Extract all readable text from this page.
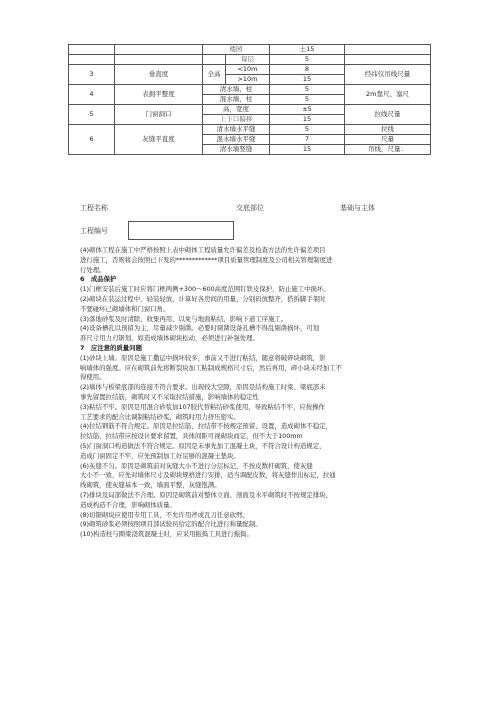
		楼园		土15	
			每层	5	
3	垂直度	全高	<10m	8	经纬仪吊线尺量
			>10m	15	
4	表拥平整度	清水墙，柱		5	2m靠尺、塞尺
		混水墙，柱		5	
5	门窗洞口	高，宽度		±5	拉线尺量
		上下口偏移		15	
6	灰缝平直度	清水墙水平缝		5	拉线
		混水墙水平缝		7	尺量
		清水墙竖缝		15	吊线，尺量：
工程名称	交底部位	基础与主体
工程编号

(4)砌体工程在施工中严格按照上表中砌体工程质量允许偏差及检查方法的允许偏差项目

进行施工，否则将会按照已下发的*************项目质量管理制度及公司相关管理制度进

行处理。

6　成品保护

(1)门框安装后施工时应将门框两侧+300～600高度范围钉铁皮保护，防止施工中损坏。

(2)砌块在装运过程中，轻装轻放，计算好各房间的用量，分别码放整齐，搭拆脚手架时

不要碰坏已砌墙体和门窗口角。

(3)落地砂浆及时清除，收集再用，以免与地面粘结，影响下道工序施工。

(4)设备槽孔以预留为主，尽量减少剔凿。必要时剔凿设备孔槽不得乱剔凿损坏，可划

准尺寸用力刃锯划，如造成墙体砌块松动，必须进行补强处理。

7　应注意的质量问题

(1)砂块上墙。原因是施工撒运中损坏较多，事前又不进行粘结，随意将破碎块砌筑，影

响墙体的强度。应在砌筑前先将断裂块加工粘制成规格尺寸后，然后再用，碎小块未经加工不

得使用。

(2)墙体与板梁底部的连接不符合要求。出现较大空隙，原因是结构施工时梁、梁底部未

事先留置拉结筋，砌筑时又不采取拉结措施，影响墙体的稳定性

(3)粘结不牢。原因是用混合砂浆加107胶代替粘结砂浆使用，导致粘结不牢，应按操作

工艺要求的配合比调制粘结砂浆，砌筑时用力挤压密实。

(4)拉结钢筋不符合规定。原因是拉结筋、拉结带不按规定预留、设置，造成砌体不稳定，

拉结筋、拉结带应按设计要求留置，具体间距可视砌块而定，但不大于100mm

(5)门窗洞口构造做法不符合规定。原因是未事先加工混凝土块，不符合设计构造规定，

造成门窗固定不牢，应先预制加工好足够的混凝土垫块。

(6)灰缝不匀。原因是砌筑前对灰缝大小不进行分层标记，不按皮数杆砌筑，使灰缝

大小不一致，应先对墙体尺寸及砌块规格进行安排，适当调配皮数，将灰缝作出标记，拉通

线砌筑，使灰缝基本一致，墙面平整，灰缝饱满。

(7)排块及局部做法不合理。原因是砌筑前对整体立面、剖面及水平砌筑时不按规定排块、

造成构造不合理，影响砌体质量。

(8)切锯砌块应使用专用工具，不允许用斧或瓦刀任意砍劈。

(9)砌筑砂浆必须按照项目部试验员给定的配合比进行称量配制。

(10)构造柱与圈梁浇筑混凝土时，应采用振捣工具进行振捣。
